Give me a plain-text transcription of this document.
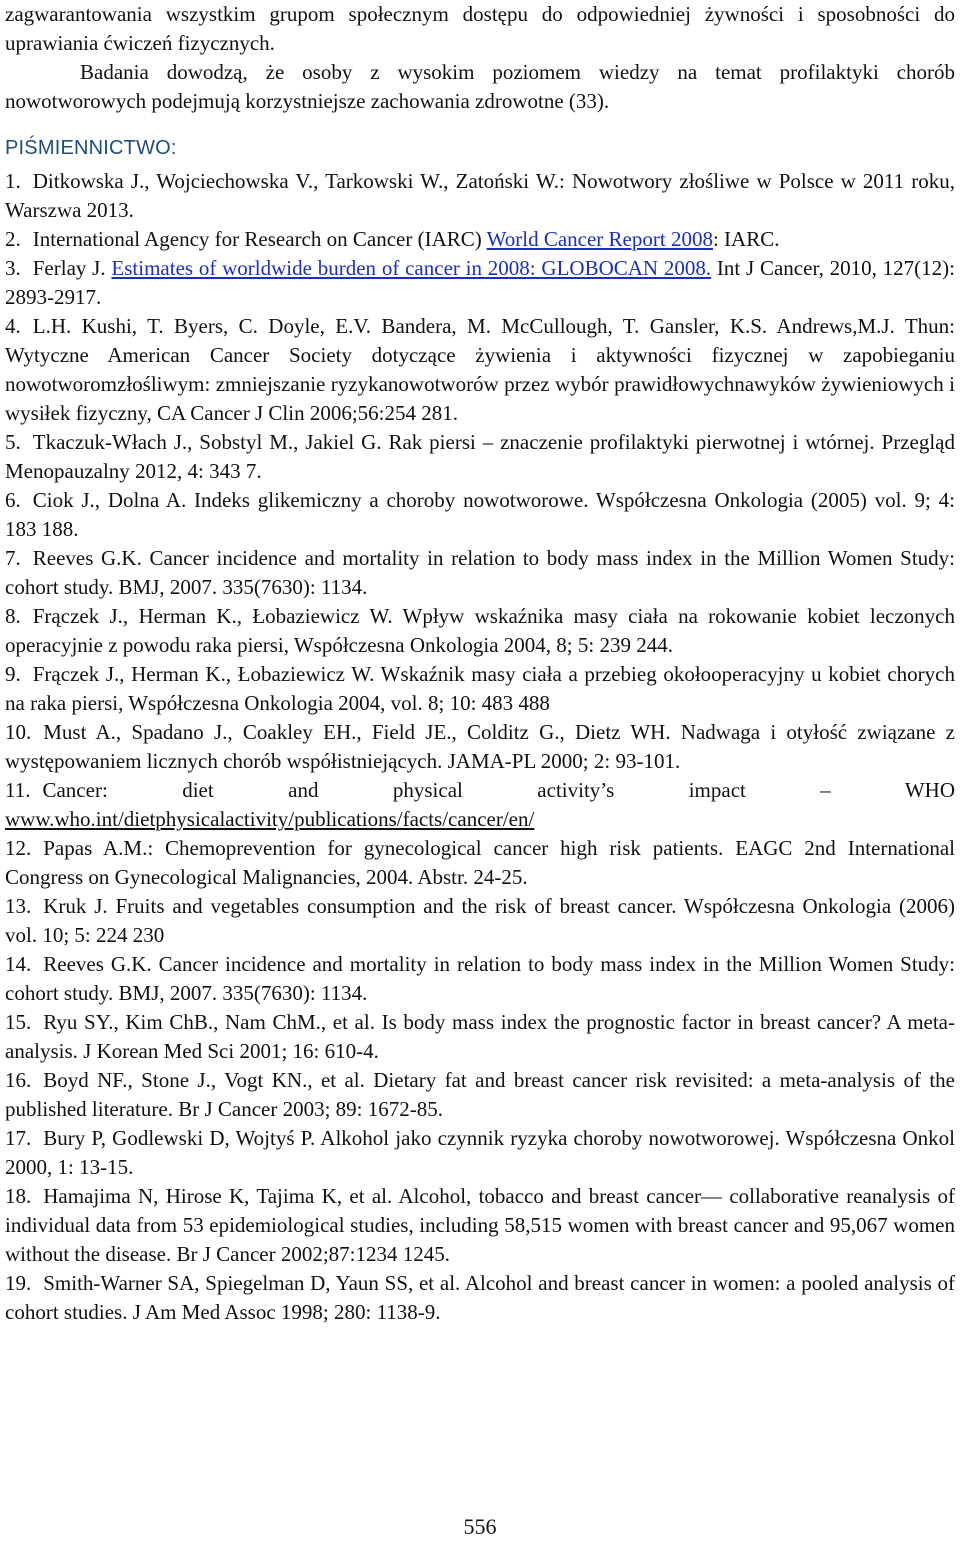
zagwarantowania wszystkim grupom społecznym dostępu do odpowiedniej żywności i sposobności do uprawiania ćwiczeń fizycznych.

Badania dowodzą, że osoby z wysokim poziomem wiedzy na temat profilaktyki chorób nowotworowych podejmują korzystniejsze zachowania zdrowotne (33).

PIŚMIENNICTWO:

1. Ditkowska J., Wojciechowska V., Tarkowski W., Zatoński W.: Nowotwory złośliwe w Polsce w 2011 roku, Warszwa 2013.

2. International Agency for Research on Cancer (IARC) World Cancer Report 2008: IARC.

3. Ferlay J. Estimates of worldwide burden of cancer in 2008: GLOBOCAN 2008. Int J Cancer, 2010, 127(12): 2893-2917.

4. L.H. Kushi, T. Byers, C. Doyle, E.V. Bandera, M. McCullough, T. Gansler, K.S. Andrews,M.J. Thun: Wytyczne American Cancer Society dotyczące żywienia i aktywności fizycznej w zapobieganiu nowotworomzłośliwym: zmniejszanie ryzykanowotworów przez wybór prawidłowychnawyków żywieniowych i wysiłek fizyczny, CA Cancer J Clin 2006;56:254 281.

5. Tkaczuk-Włach J., Sobstyl M., Jakiel G. Rak piersi – znaczenie profilaktyki pierwotnej i wtórnej. Przegląd Menopauzalny 2012, 4: 343 7.

6. Ciok J., Dolna A. Indeks glikemiczny a choroby nowotworowe. Współczesna Onkologia (2005) vol. 9; 4: 183 188.

7. Reeves G.K. Cancer incidence and mortality in relation to body mass index in the Million Women Study: cohort study. BMJ, 2007. 335(7630): 1134.

8. Frączek J., Herman K., Łobaziewicz W. Wpływ wskaźnika masy ciała na rokowanie kobiet leczonych operacyjnie z powodu raka piersi, Współczesna Onkologia 2004, 8; 5: 239 244.

9. Frączek J., Herman K., Łobaziewicz W. Wskaźnik masy ciała a przebieg okołooperacyjny u kobiet chorych na raka piersi, Współczesna Onkologia 2004, vol. 8; 10: 483 488

10. Must A., Spadano J., Coakley EH., Field JE., Colditz G., Dietz WH. Nadwaga i otyłość związane z występowaniem licznych chorób współistniejących. JAMA-PL 2000; 2: 93-101.

11. Cancer: diet and physical activity’s impact – WHO www.who.int/dietphysicalactivity/publications/facts/cancer/en/

12. Papas A.M.: Chemoprevention for gynecological cancer high risk patients. EAGC 2nd International Congress on Gynecological Malignancies, 2004. Abstr. 24-25.

13. Kruk J. Fruits and vegetables consumption and the risk of breast cancer. Współczesna Onkologia (2006) vol. 10; 5: 224 230

14. Reeves G.K. Cancer incidence and mortality in relation to body mass index in the Million Women Study: cohort study. BMJ, 2007. 335(7630): 1134.

15. Ryu SY., Kim ChB., Nam ChM., et al. Is body mass index the prognostic factor in breast cancer? A meta-analysis. J Korean Med Sci 2001; 16: 610-4.

16. Boyd NF., Stone J., Vogt KN., et al. Dietary fat and breast cancer risk revisited: a meta-analysis of the published literature. Br J Cancer 2003; 89: 1672-85.

17. Bury P, Godlewski D, Wojtyś P. Alkohol jako czynnik ryzyka choroby nowotworowej. Współczesna Onkol 2000, 1: 13-15.

18. Hamajima N, Hirose K, Tajima K, et al. Alcohol, tobacco and breast cancer— collaborative reanalysis of individual data from 53 epidemiological studies, including 58,515 women with breast cancer and 95,067 women without the disease. Br J Cancer 2002;87:1234 1245.

19. Smith-Warner SA, Spiegelman D, Yaun SS, et al. Alcohol and breast cancer in women: a pooled analysis of cohort studies. J Am Med Assoc 1998; 280: 1138-9.

556
